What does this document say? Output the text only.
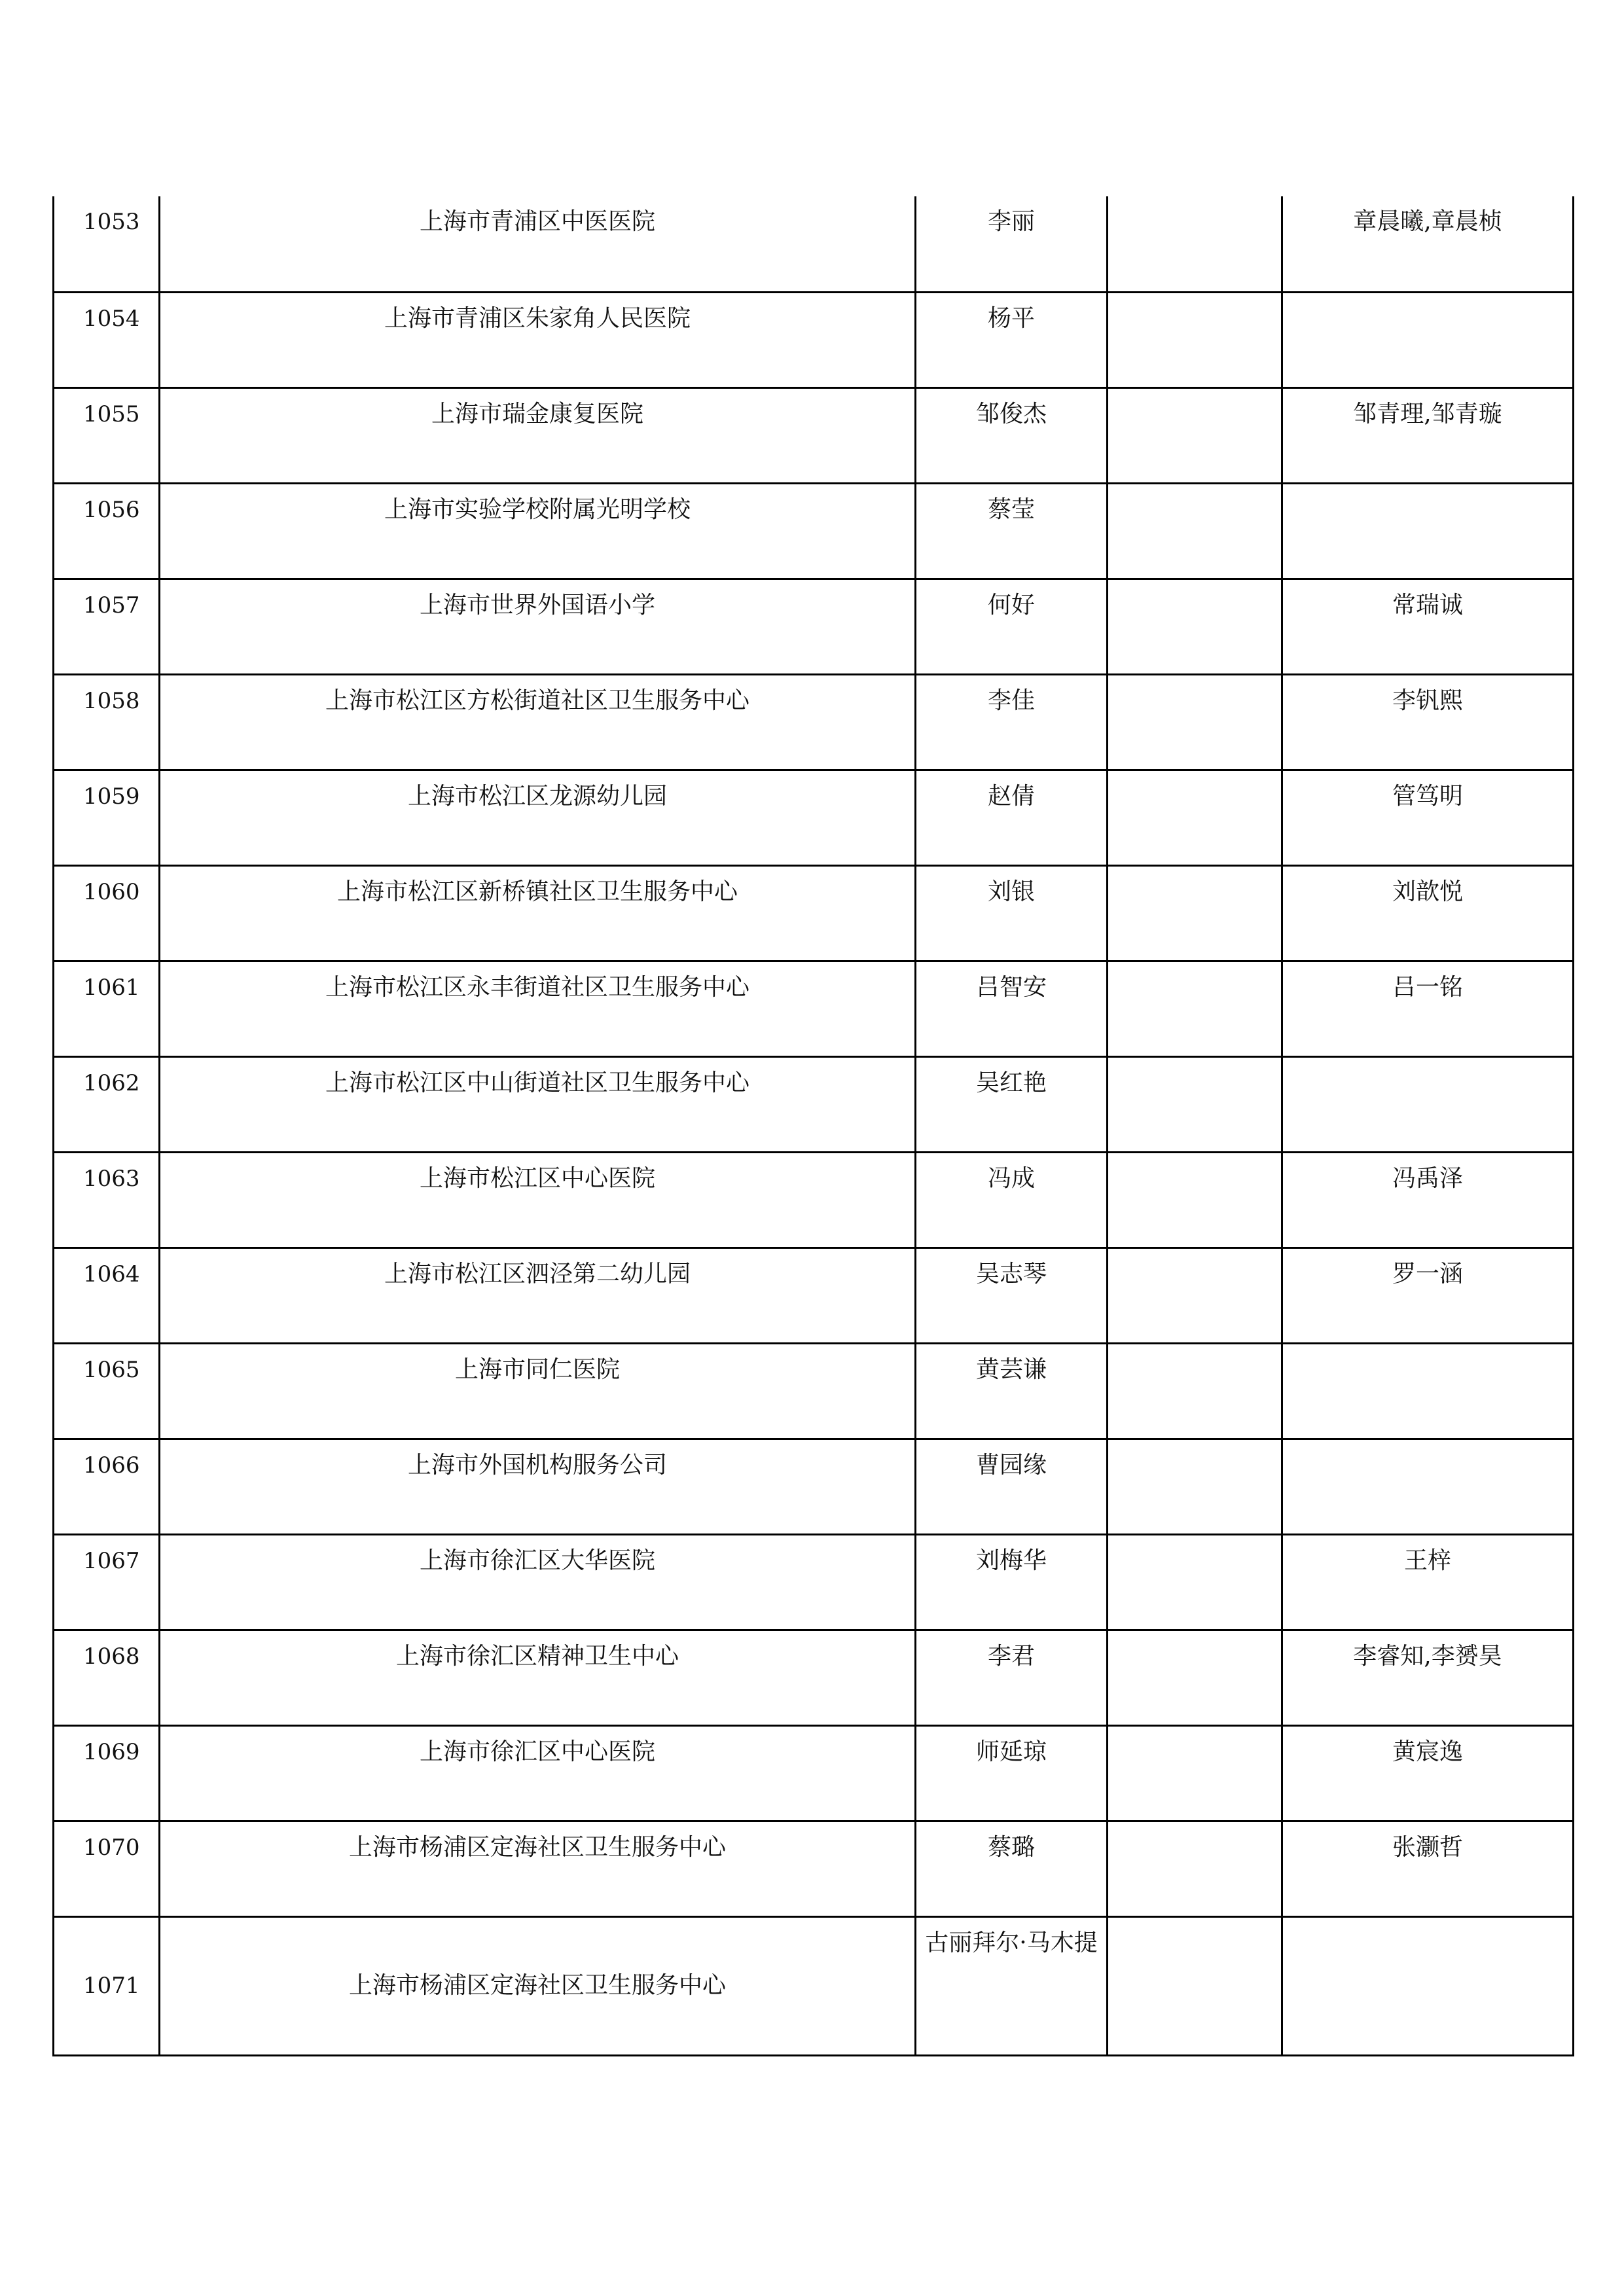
1053	上海市青浦区中医医院	李丽		章晨曦,章晨桢
1054	上海市青浦区朱家角人民医院	杨平		
1055	上海市瑞金康复医院	邹俊杰		邹青理,邹青璇
1056	上海市实验学校附属光明学校	蔡莹		
1057	上海市世界外国语小学	何好		常瑞诚
1058	上海市松江区方松街道社区卫生服务中心	李佳		李钒熙
1059	上海市松江区龙源幼儿园	赵倩		管笃明
1060	上海市松江区新桥镇社区卫生服务中心	刘银		刘歆悦
1061	上海市松江区永丰街道社区卫生服务中心	吕智安		吕一铭
1062	上海市松江区中山街道社区卫生服务中心	吴红艳		
1063	上海市松江区中心医院	冯成		冯禹泽
1064	上海市松江区泗泾第二幼儿园	吴志琴		罗一涵
1065	上海市同仁医院	黄芸谦		
1066	上海市外国机构服务公司	曹园缘		
1067	上海市徐汇区大华医院	刘梅华		王梓
1068	上海市徐汇区精神卫生中心	李君		李睿知,李赟昊
1069	上海市徐汇区中心医院	师延琼		黄宸逸
1070	上海市杨浦区定海社区卫生服务中心	蔡璐		张灏哲
1071	上海市杨浦区定海社区卫生服务中心	古丽拜尔·马木提		
